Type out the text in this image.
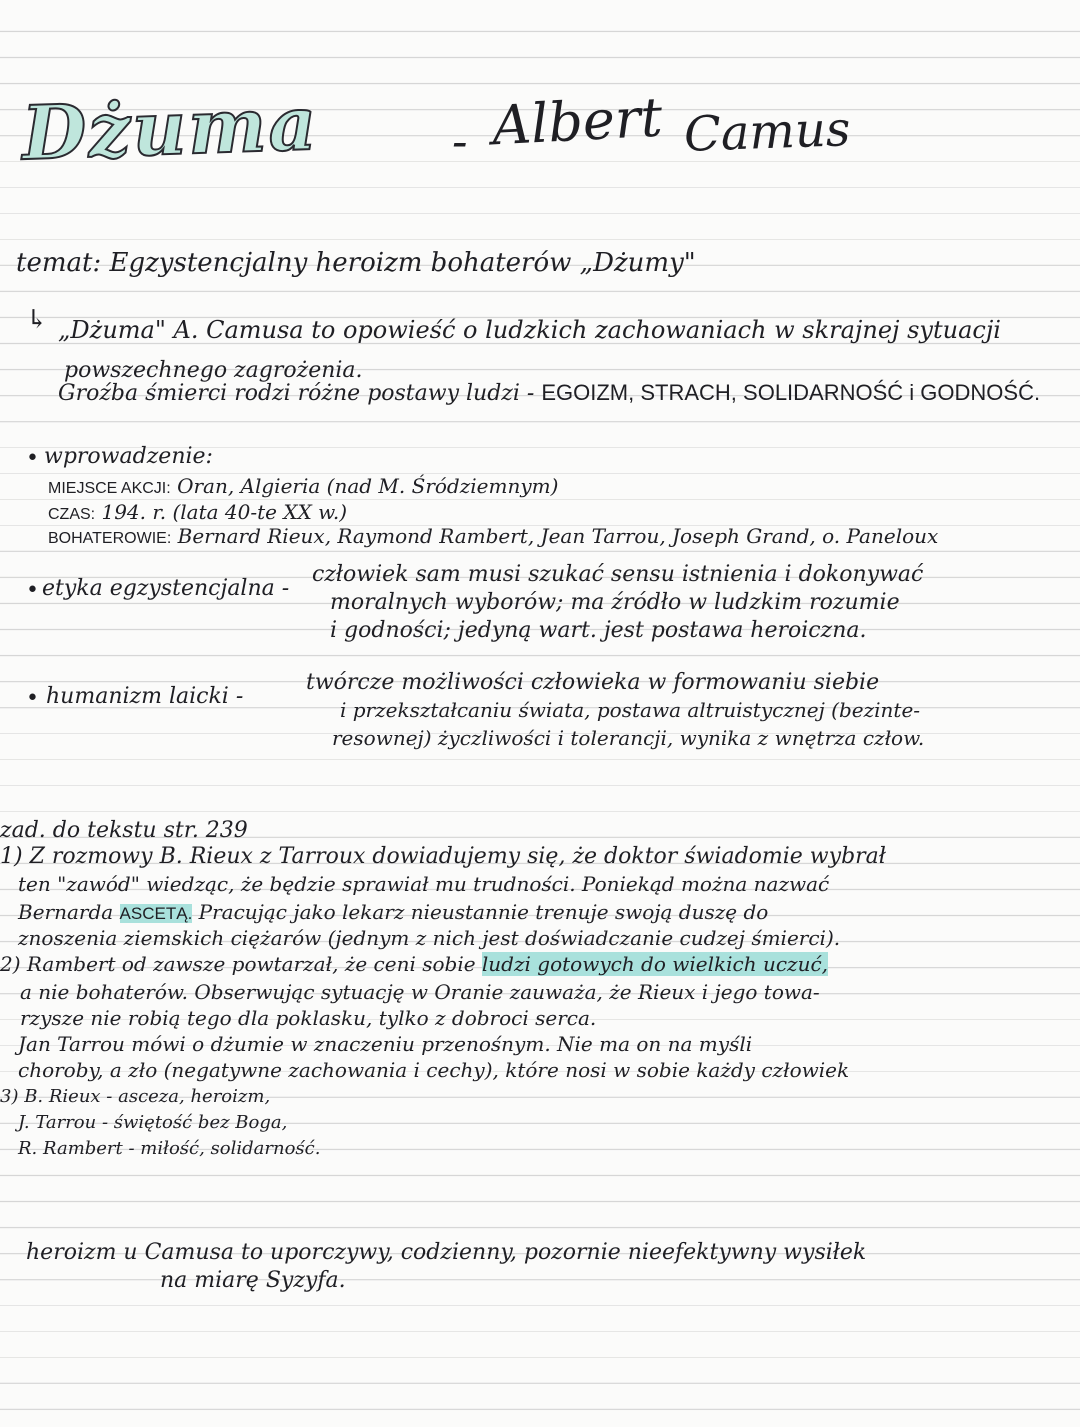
Dżuma	- Albert Camus
temat: Egzystencjalny heroizm bohaterów „Dżumy"
↳ „Dżuma" A. Camusa to opowieść o ludzkich zachowaniach w skrajnej sytuacji
powszechnego zagrożenia.
Groźba śmierci rodzi różne postawy ludzi - EGOIZM, STRACH, SOLIDARNOŚĆ i GODNOŚĆ.
• wprowadzenie:
MIEJSCE AKCJI: Oran, Algieria (nad M. Śródziemnym)
CZAS: 194. r. (lata 40-te XX w.)
BOHATEROWIE: Bernard Rieux, Raymond Rambert, Jean Tarrou, Joseph Grand, o. Paneloux
• etyka egzystencjalna -
człowiek sam musi szukać sensu istnienia i dokonywać
moralnych wyborów; ma źródło w ludzkim rozumie
i godności; jedyną wart. jest postawa heroiczna.
• humanizm laicki -
twórcze możliwości człowieka w formowaniu siebie
i przekształcaniu świata, postawa altruistycznej (bezinte-
resownej) życzliwości i tolerancji, wynika z wnętrza człow.
zad. do tekstu str. 239
1) Z rozmowy B. Rieux z Tarroux dowiadujemy się, że doktor świadomie wybrał
ten "zawód" wiedząc, że będzie sprawiał mu trudności. Poniekąd można nazwać
Bernarda ASCETĄ. Pracując jako lekarz nieustannie trenuje swoją duszę do
znoszenia ziemskich ciężarów (jednym z nich jest doświadczanie cudzej śmierci).
2) Rambert od zawsze powtarzał, że ceni sobie ludzi gotowych do wielkich uczuć,
a nie bohaterów. Obserwując sytuację w Oranie zauważa, że Rieux i jego towa-
rzysze nie robią tego dla poklasku, tylko z dobroci serca.
Jan Tarrou mówi o dżumie w znaczeniu przenośnym. Nie ma on na myśli
choroby, a zło (negatywne zachowania i cechy), które nosi w sobie każdy człowiek
3) B. Rieux - asceza, heroizm,
J. Tarrou - świętość bez Boga,
R. Rambert - miłość, solidarność.
heroizm u Camusa to uporczywy, codzienny, pozornie nieefektywny wysiłek
na miarę Syzyfa.
